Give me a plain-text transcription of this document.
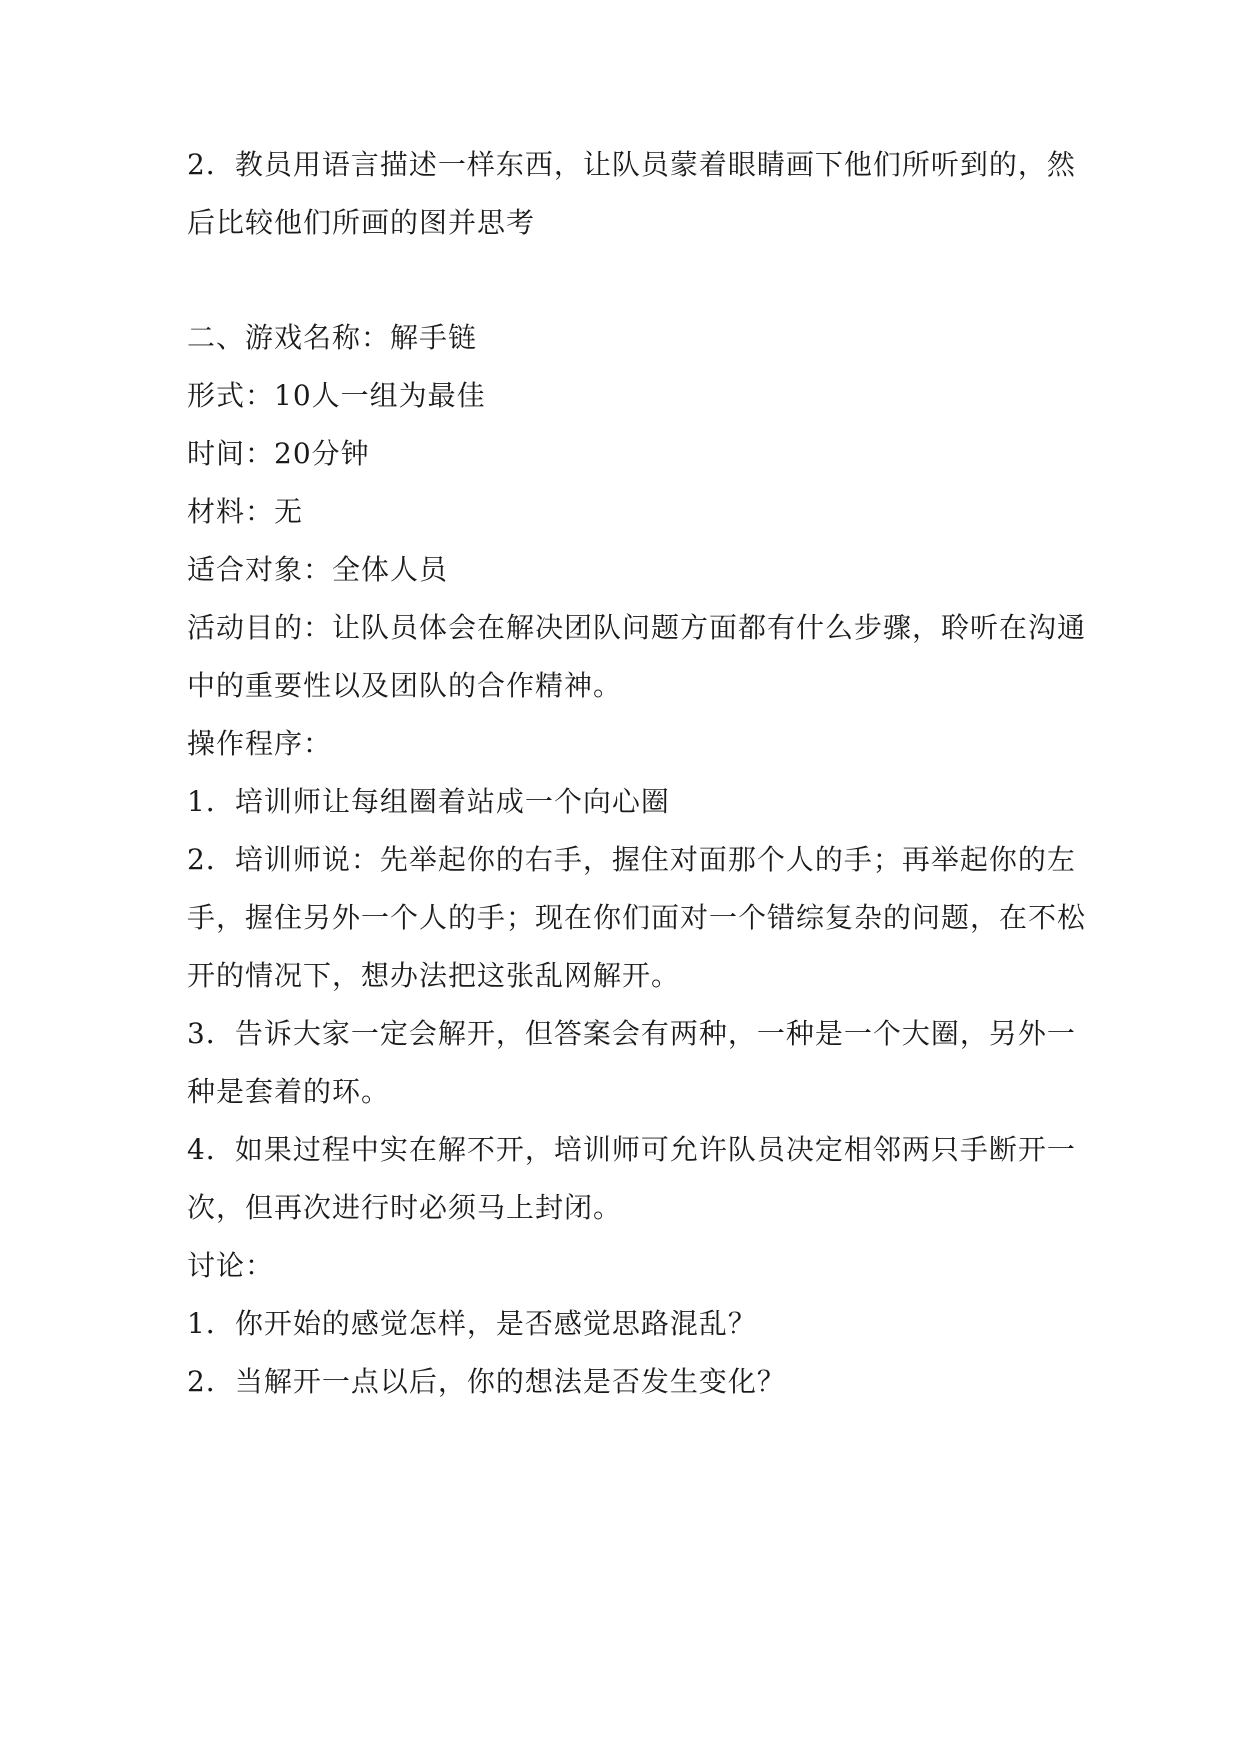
2．教员用语言描述一样东西，让队员蒙着眼睛画下他们所听到的，然
后比较他们所画的图并思考
二、游戏名称：解手链
形式：10人一组为最佳
时间：20分钟
材料：无
适合对象：全体人员
活动目的：让队员体会在解决团队问题方面都有什么步骤，聆听在沟通
中的重要性以及团队的合作精神。
操作程序：
1．培训师让每组圈着站成一个向心圈
2．培训师说：先举起你的右手，握住对面那个人的手；再举起你的左
手，握住另外一个人的手；现在你们面对一个错综复杂的问题，在不松
开的情况下，想办法把这张乱网解开。
3．告诉大家一定会解开，但答案会有两种，一种是一个大圈，另外一
种是套着的环。
4．如果过程中实在解不开，培训师可允许队员决定相邻两只手断开一
次，但再次进行时必须马上封闭。
讨论：
1．你开始的感觉怎样，是否感觉思路混乱？
2．当解开一点以后，你的想法是否发生变化？
